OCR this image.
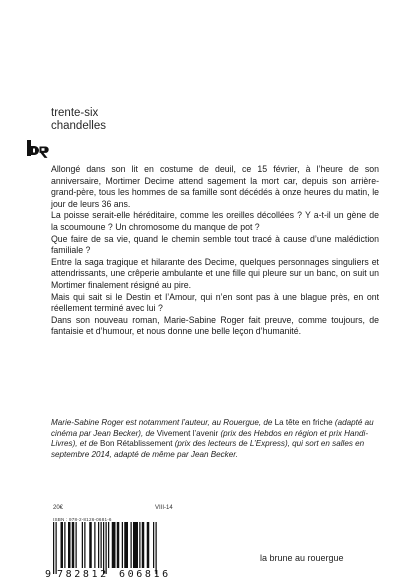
trente-six
chandelles

Allongé dans son lit en costume de deuil, ce 15 février, à l’heure de son anniversaire, Mortimer Decime attend sagement la mort car, depuis son arrière-grand-père, tous les hommes de sa famille sont décédés à onze heures du matin, le jour de leurs 36 ans.

La poisse serait-elle héréditaire, comme les oreilles décollées ? Y a-t-il un gène de la scoumoune ? Un chromosome du manque de pot ?

Que faire de sa vie, quand le chemin semble tout tracé à cause d’une malédiction familiale ?

Entre la saga tragique et hilarante des Decime, quelques personnages singuliers et attendrissants, une crêperie ambulante et une fille qui pleure sur un banc, on suit un Mortimer finalement résigné au pire.

Mais qui sait si le Destin et l’Amour, qui n’en sont pas à une blague près, en ont réellement terminé avec lui ?

Dans son nouveau roman, Marie-Sabine Roger fait preuve, comme toujours, de fantaisie et d’humour, et nous donne une belle leçon d’humanité.

Marie-Sabine Roger est notamment l’auteur, au Rouergue, de La tête en friche (adapté au cinéma par Jean Becker), de Vivement l’avenir (prix des Hebdos en région et prix Handi-Livres), et de Bon Rétablissement (prix des lecteurs de L’Express), qui sort en salles en septembre 2014, adapté de même par Jean Becker.
20€	VIII-14
ISBN : 978-2-8126-0681-6
9 782812 606816
la brune au rouergue
